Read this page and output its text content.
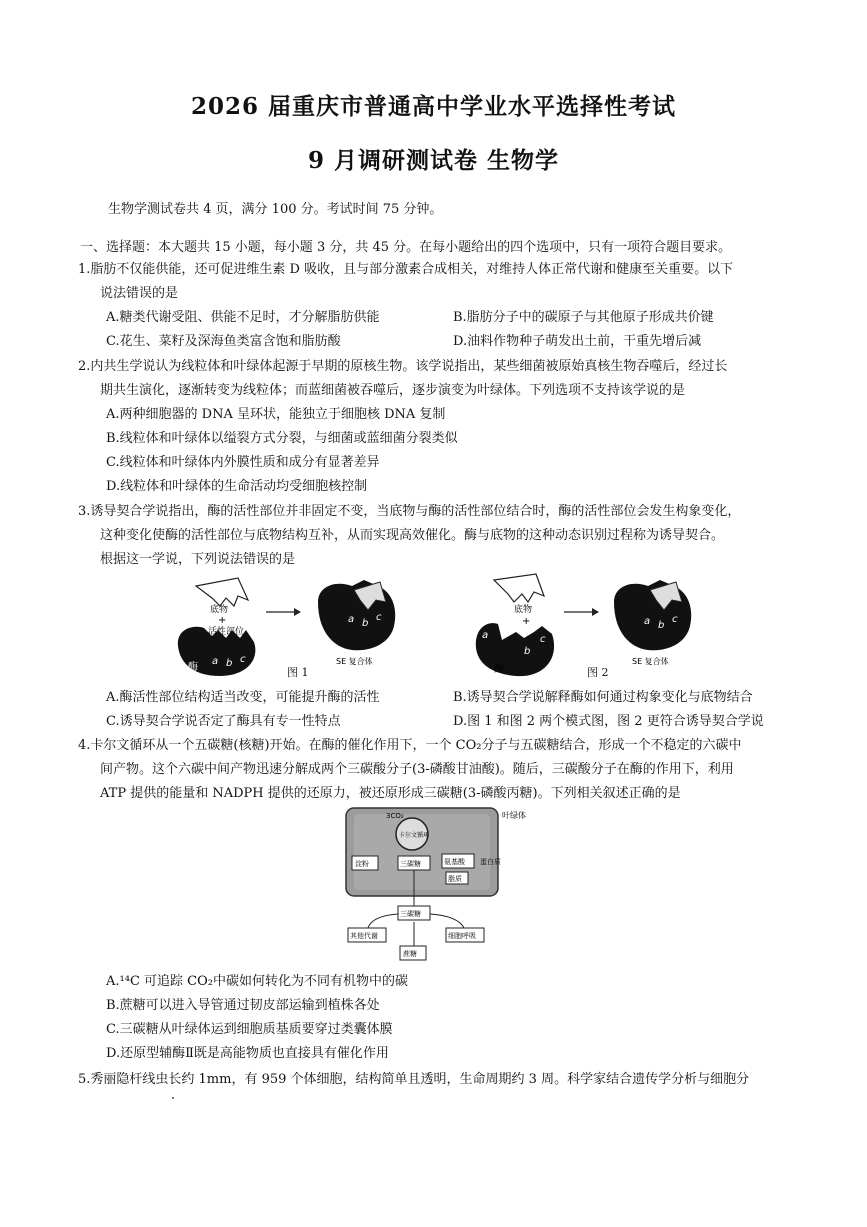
2026 届重庆市普通高中学业水平选择性考试
9 月调研测试卷 生物学
生物学测试卷共 4 页，满分 100 分。考试时间 75 分钟。
一、选择题：本大题共 15 小题，每小题 3 分，共 45 分。在每小题给出的四个选项中，只有一项符合题目要求。
1.脂肪不仅能供能，还可促进维生素 D 吸收，且与部分激素合成相关，对维持人体正常代谢和健康至关重要。以下
说法错误的是
A.糖类代谢受阻、供能不足时，才分解脂肪供能	B.脂肪分子中的碳原子与其他原子形成共价键
C.花生、菜籽及深海鱼类富含饱和脂肪酸	D.油料作物种子萌发出土前，干重先增后减
2.内共生学说认为线粒体和叶绿体起源于早期的原核生物。该学说指出，某些细菌被原始真核生物吞噬后，经过长
期共生演化，逐渐转变为线粒体；而蓝细菌被吞噬后，逐步演变为叶绿体。下列选项不支持该学说的是
A.两种细胞器的 DNA 呈环状，能独立于细胞核 DNA 复制
B.线粒体和叶绿体以缢裂方式分裂，与细菌或蓝细菌分裂类似
C.线粒体和叶绿体内外膜性质和成分有显著差异
D.线粒体和叶绿体的生命活动均受细胞核控制
3.诱导契合学说指出，酶的活性部位并非固定不变，当底物与酶的活性部位结合时，酶的活性部位会发生构象变化，
这种变化使酶的活性部位与底物结构互补，从而实现高效催化。酶与底物的这种动态识别过程称为诱导契合。
根据这一学说，下列说法错误的是
底物
+
活性部位
酶
a b c
a b
c
SE 复合体
图 1
底物
+
酶
a
b
c
a b
c
SE 复合体
图 2
A.酶活性部位结构适当改变，可能提升酶的活性	B.诱导契合学说解释酶如何通过构象变化与底物结合
C.诱导契合学说否定了酶具有专一性特点	D.图 1 和图 2 两个模式图，图 2 更符合诱导契合学说
4.卡尔文循环从一个五碳糖(核糖)开始。在酶的催化作用下，一个 CO₂分子与五碳糖结合，形成一个不稳定的六碳中
间产物。这个六碳中间产物迅速分解成两个三碳酸分子(3-磷酸甘油酸)。随后，三碳酸分子在酶的作用下，利用
ATP 提供的能量和 NADPH 提供的还原力，被还原形成三碳糖(3-磷酸丙糖)。下列相关叙述正确的是
叶绿体
3CO₂
卡尔文循环
淀粉	三碳糖	氨基酸 蛋白质
脂质
三碳糖
其他代谢	细胞呼吸
蔗糖
A.¹⁴C 可追踪 CO₂中碳如何转化为不同有机物中的碳
B.蔗糖可以进入导管通过韧皮部运输到植株各处
C.三碳糖从叶绿体运到细胞质基质要穿过类囊体膜
D.还原型辅酶Ⅱ既是高能物质也直接具有催化作用
5.秀丽隐杆线虫长约 1mm，有 959 个体细胞，结构简单且透明，生命周期约 3 周。科学家结合遗传学分析与细胞分
